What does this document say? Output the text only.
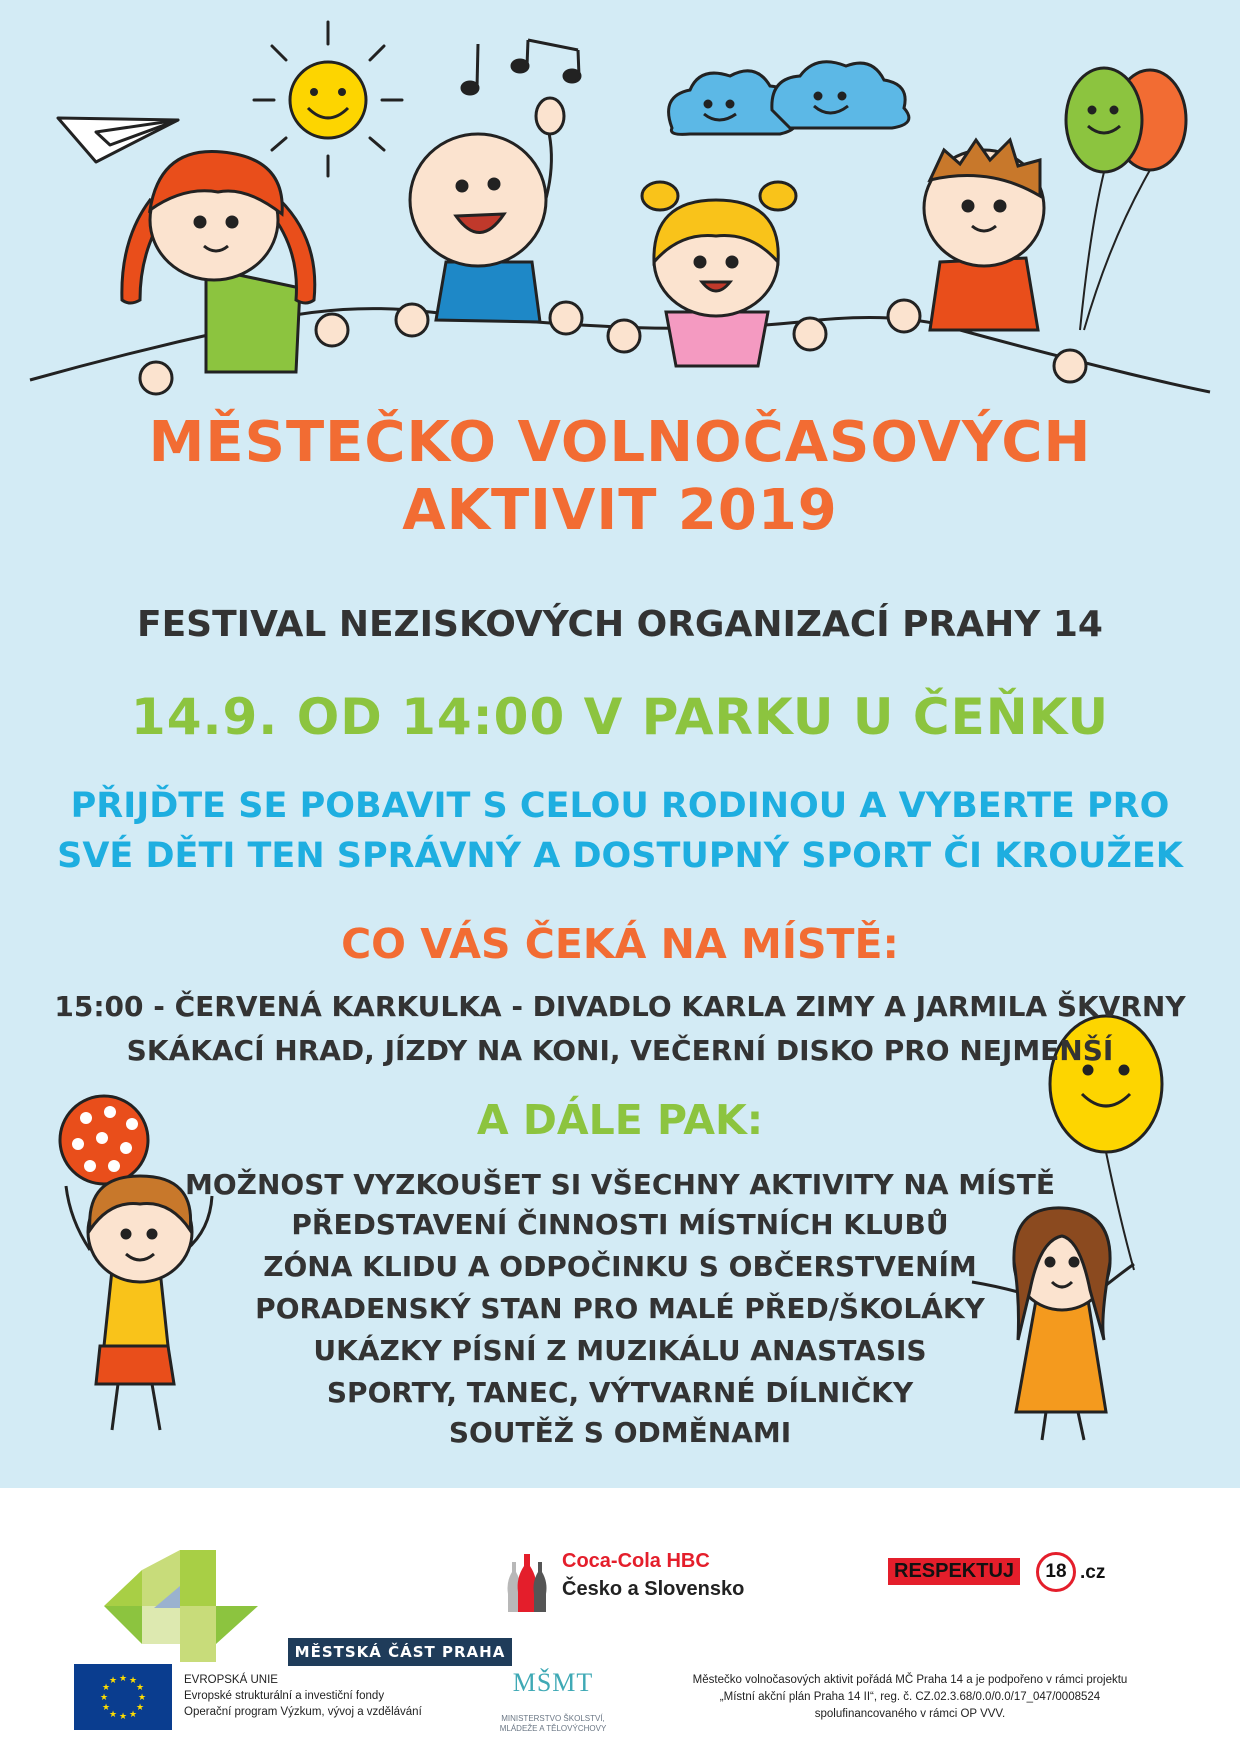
MĚSTEČKO VOLNOČASOVÝCH

AKTIVIT 2019

FESTIVAL NEZISKOVÝCH ORGANIZACÍ PRAHY 14

14.9. OD 14:00 V PARKU U ČEŇKU

PŘIJĎTE SE POBAVIT S CELOU RODINOU A VYBERTE PRO

SVÉ DĚTI TEN SPRÁVNÝ A DOSTUPNÝ SPORT ČI KROUŽEK

CO VÁS ČEKÁ NA MÍSTĚ:

15:00 - ČERVENÁ KARKULKA - DIVADLO KARLA ZIMY A JARMILA ŠKVRNY

SKÁKACÍ HRAD, JÍZDY NA KONI, VEČERNÍ DISKO PRO NEJMENŠÍ

A DÁLE PAK:

MOŽNOST VYZKOUŠET SI VŠECHNY AKTIVITY NA MÍSTĚ

PŘEDSTAVENÍ ČINNOSTI MÍSTNÍCH KLUBŮ

ZÓNA KLIDU A ODPOČINKU S OBČERSTVENÍM

PORADENSKÝ STAN PRO MALÉ PŘED/ŠKOLÁKY

UKÁZKY PÍSNÍ Z MUZIKÁLU ANASTASIS

SPORTY, TANEC, VÝTVARNÉ DÍLNIČKY

SOUTĚŽ S ODMĚNAMI

MĚSTSKÁ ČÁST PRAHA 14
Coca-Cola HBC
Česko a Slovensko
RESPEKTUJ	18 .cz
★ ★
★
★
★
★
★
★
★
★
★
★	EVROPSKÁ UNIE
Evropské strukturální a investiční fondy
Operační program Výzkum, vývoj a vzdělávání
MŠMT
MINISTERSTVO ŠKOLSTVÍ,
MLÁDEŽE A TĚLOVÝCHOVY
Městečko volnočasových aktivit pořádá MČ Praha 14 a je podpořeno v rámci projektu
„Místní akční plán Praha 14 II“, reg. č. CZ.02.3.68/0.0/0.0/17_047/0008524
spolufinancovaného v rámci OP VVV.
